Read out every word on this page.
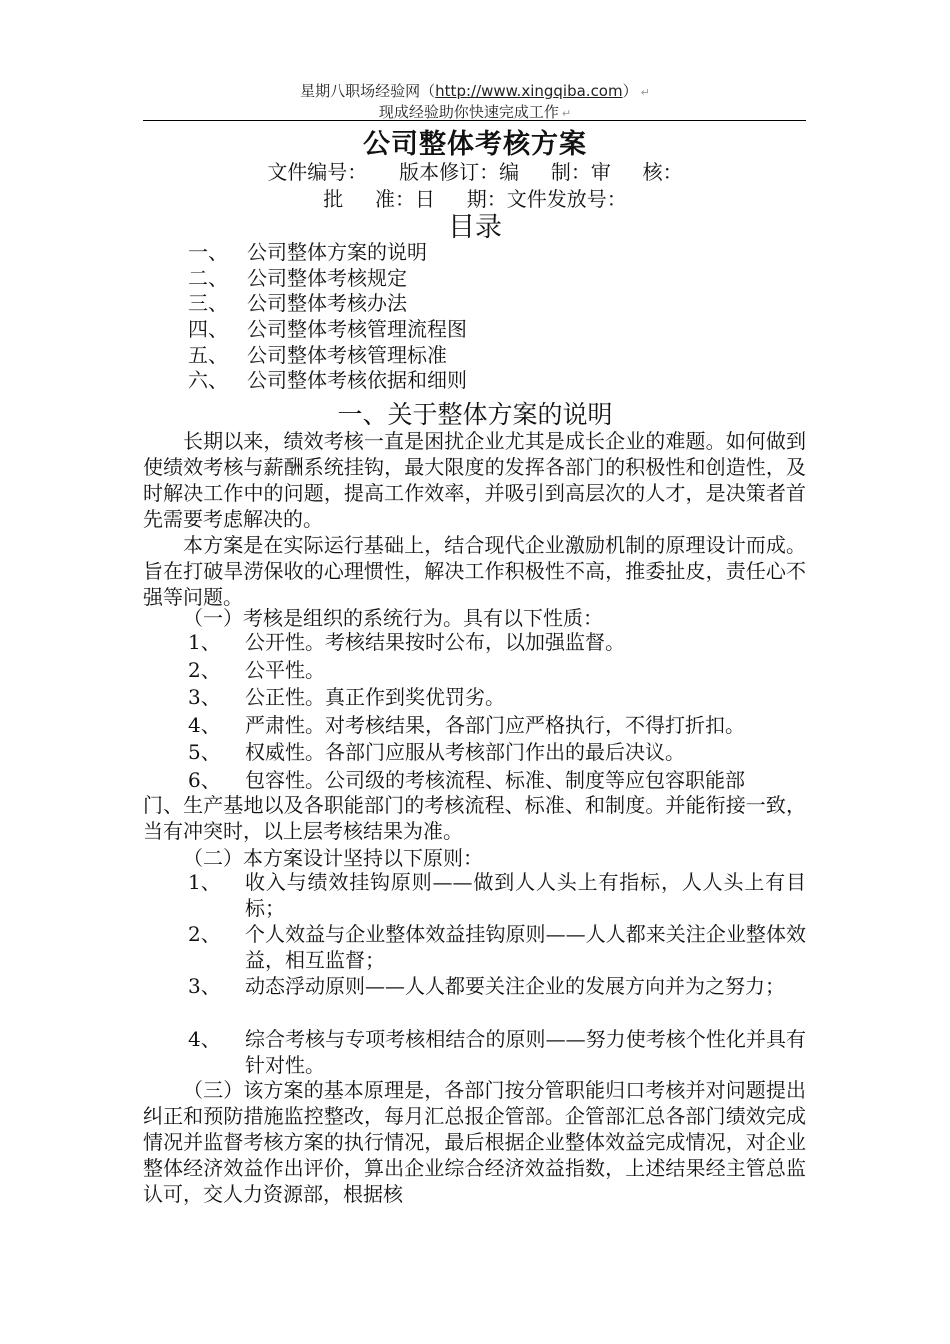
星期八职场经验网（http://www.xingqiba.com） ↵
现成经验助你快速完成工作 ↵
公司整体考核方案
文件编号：     版本修订：编     制：审     核：
批     准：日     期：文件发放号：
目录
一、 公司整体方案的说明
二、 公司整体考核规定
三、 公司整体考核办法
四、 公司整体考核管理流程图
五、 公司整体考核管理标准
六、 公司整体考核依据和细则
一、关于整体方案的说明
长期以来，绩效考核一直是困扰企业尤其是成长企业的难题。如何做到使绩效考核与薪酬系统挂钩，最大限度的发挥各部门的积极性和创造性，及时解决工作中的问题，提高工作效率，并吸引到高层次的人才，是决策者首先需要考虑解决的。
本方案是在实际运行基础上，结合现代企业激励机制的原理设计而成。旨在打破旱涝保收的心理惯性，解决工作积极性不高，推委扯皮，责任心不强等问题。
（一）考核是组织的系统行为。具有以下性质：
1、 公开性。考核结果按时公布，以加强监督。
2、 公平性。
3、 公正性。真正作到奖优罚劣。
4、 严肃性。对考核结果，各部门应严格执行，不得打折扣。
5、 权威性。各部门应服从考核部门作出的最后决议。
6、 包容性。公司级的考核流程、标准、制度等应包容职能部
门、生产基地以及各职能部门的考核流程、标准、和制度。并能衔接一致，当有冲突时，以上层考核结果为准。
（二）本方案设计坚持以下原则：
1、 收入与绩效挂钩原则——做到人人头上有指标，人人头上有目标；
2、 个人效益与企业整体效益挂钩原则——人人都来关注企业整体效益，相互监督；
3、 动态浮动原则——人人都要关注企业的发展方向并为之努力；
4、 综合考核与专项考核相结合的原则——努力使考核个性化并具有针对性。
（三）该方案的基本原理是，各部门按分管职能归口考核并对问题提出纠正和预防措施监控整改，每月汇总报企管部。企管部汇总各部门绩效完成情况并监督考核方案的执行情况，最后根据企业整体效益完成情况，对企业整体经济效益作出评价，算出企业综合经济效益指数，上述结果经主管总监认可，交人力资源部，根据核
